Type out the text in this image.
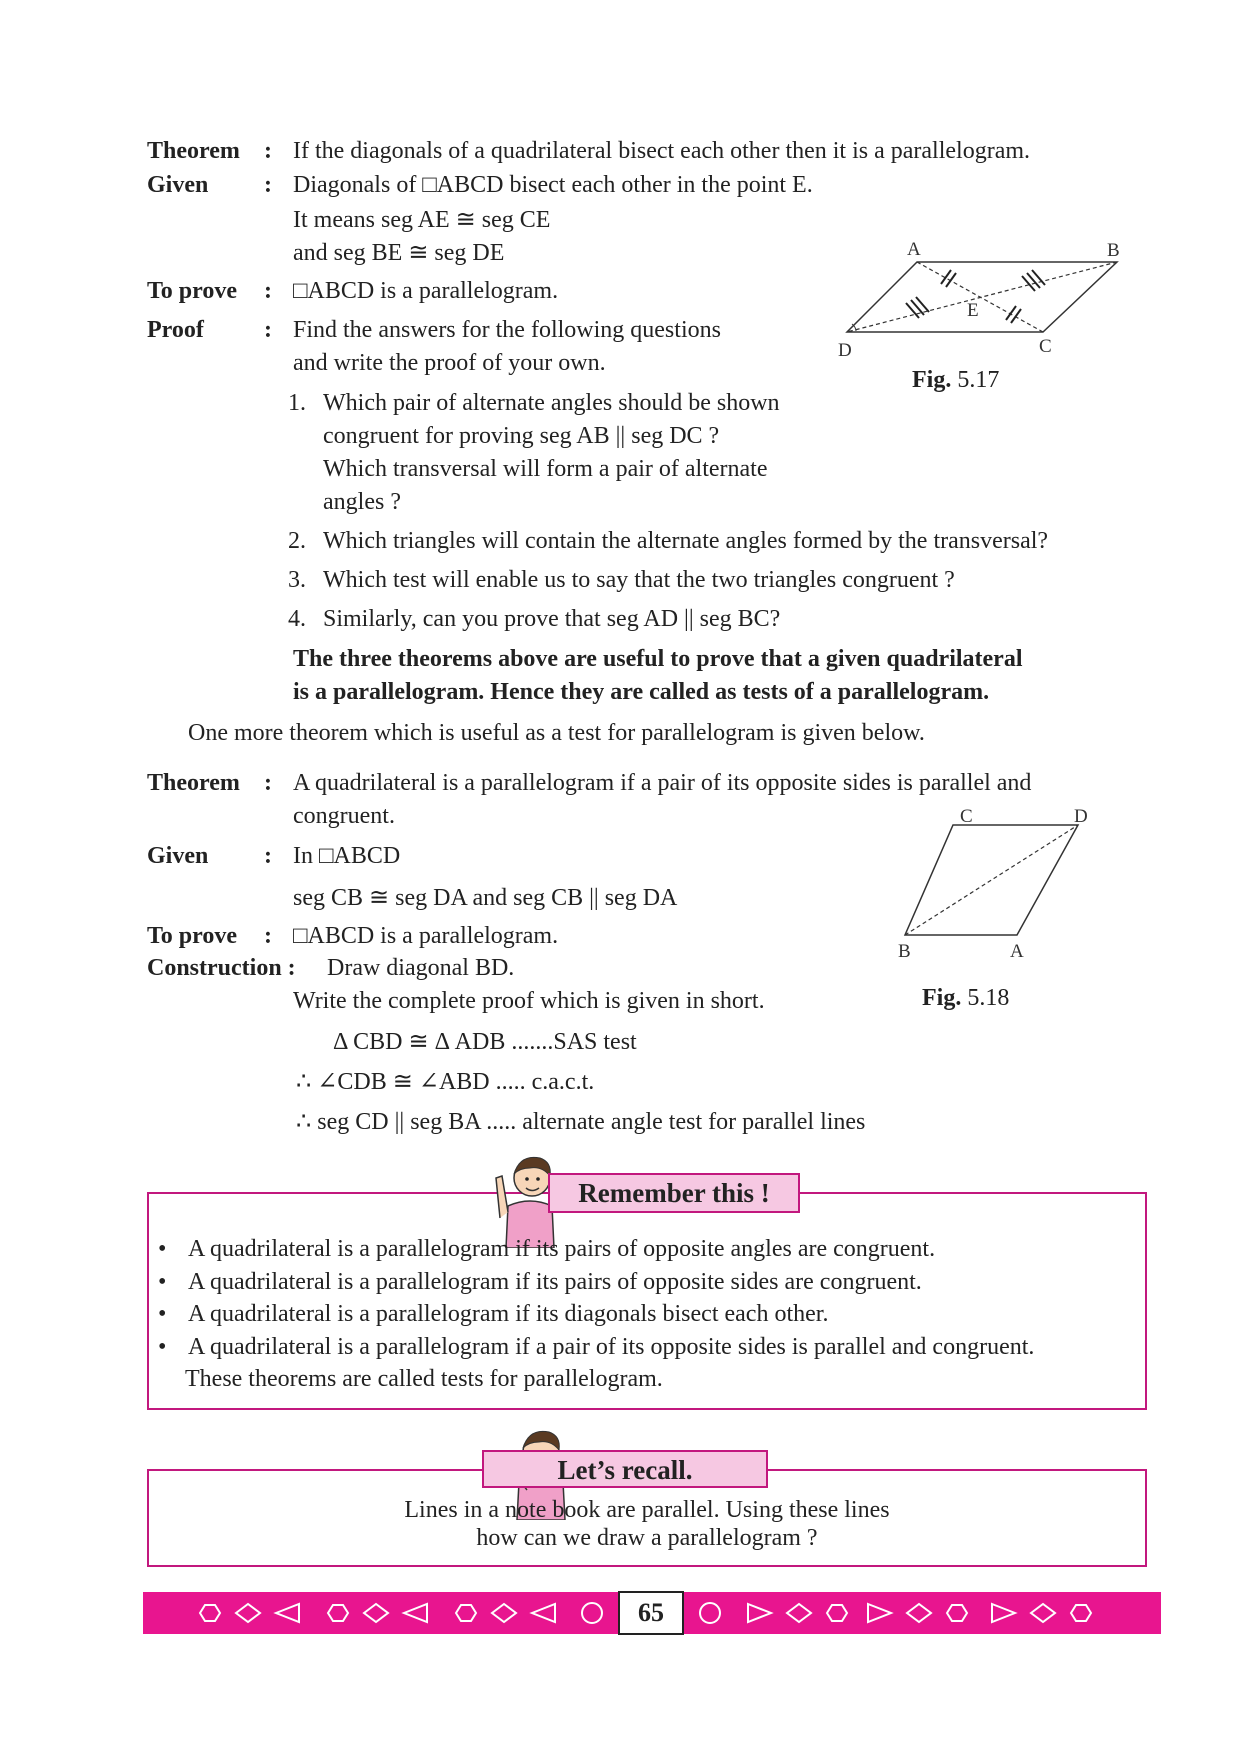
Theorem : If the diagonals of a quadrilateral bisect each other then it is a parallelogram.
Given : Diagonals of □ABCD bisect each other in the point E.
It means seg AE ≅ seg CE
and seg BE ≅ seg DE
To prove : □ABCD is a parallelogram.
Proof	: Find the answers for the following questions
and write the proof of your own.
1. Which pair of alternate angles should be shown
congruent for proving seg AB || seg DC ?
Which transversal will form a pair of alternate
angles ?
2. Which triangles will contain the alternate angles formed by the transversal?
3. Which test will enable us to say that the two triangles congruent ?
4. Similarly, can you prove that seg AD || seg BC?
The three theorems above are useful to prove that a given quadrilateral
is a parallelogram. Hence they are called as tests of a parallelogram.
A	B
C
D
E
Fig. 5.17
One more theorem which is useful as a test for parallelogram is given below.
Theorem : A quadrilateral is a parallelogram if a pair of its opposite sides is parallel and
congruent.
Given : In □ABCD
seg CB ≅ seg DA and seg CB || seg DA
To prove : □ABCD is a parallelogram.
Construction : Draw diagonal BD.
Write the complete proof which is given in short.
Δ CBD ≅ Δ ADB .......SAS test
∴ ∠CDB ≅ ∠ABD ..... c.a.c.t.
∴ seg CD || seg BA ..... alternate angle test for parallel lines
C	D
B	A
Fig. 5.18
Remember this !
• A quadrilateral is a parallelogram if its pairs of opposite angles are congruent.
• A quadrilateral is a parallelogram if its pairs of opposite sides are congruent.
• A quadrilateral is a parallelogram if its diagonals bisect each other.
• A quadrilateral is a parallelogram if a pair of its opposite sides is parallel and congruent.
These theorems are called tests for parallelogram.
Let’s recall.
Lines in a note book are parallel. Using these lines
how can we draw a parallelogram ?
65
